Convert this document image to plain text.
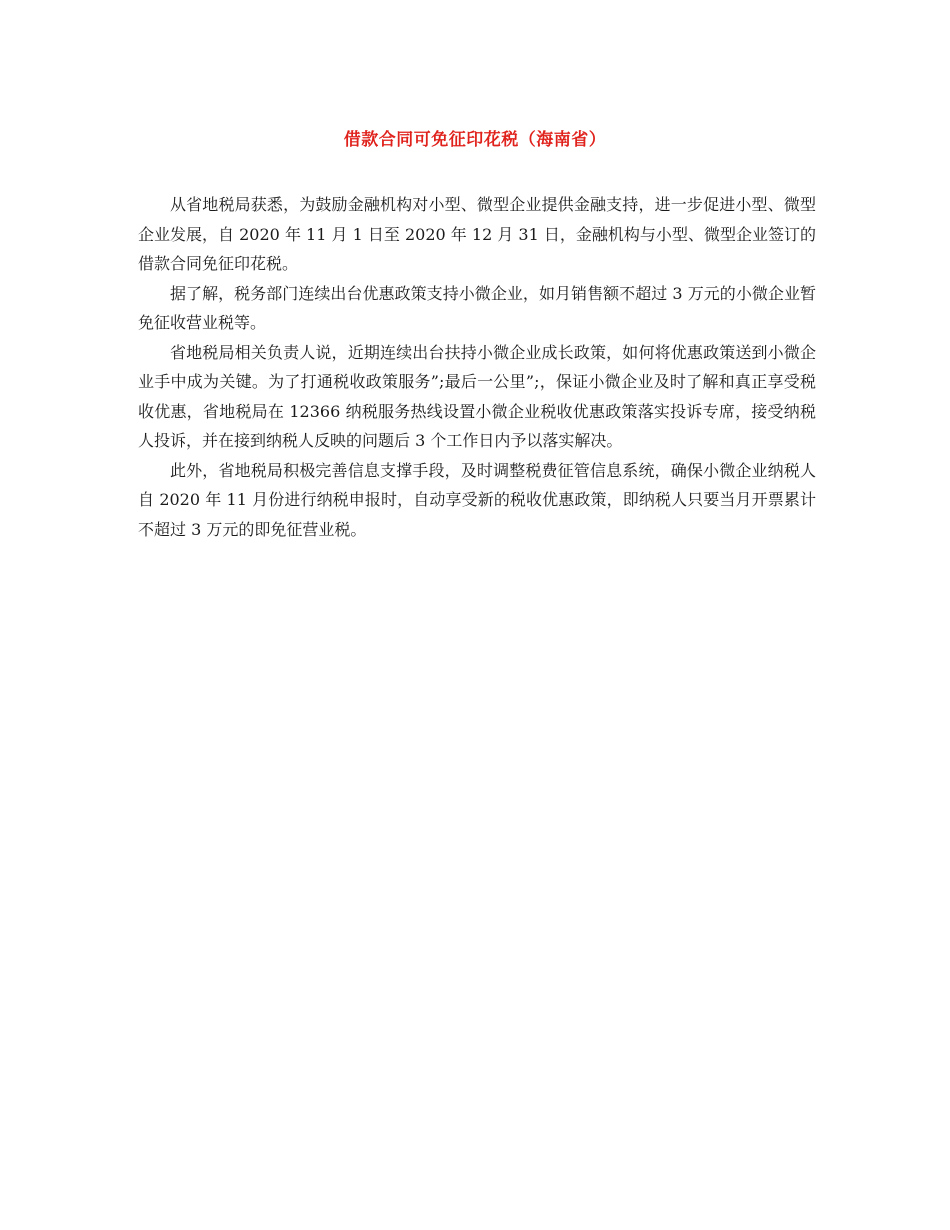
借款合同可免征印花税（海南省）

从省地税局获悉，为鼓励金融机构对小型、微型企业提供金融支持，进一步促进小型、微型企业发展，自 2020 年 11 月 1 日至 2020 年 12 月 31 日，金融机构与小型、微型企业签订的借款合同免征印花税。

据了解，税务部门连续出台优惠政策支持小微企业，如月销售额不超过 3 万元的小微企业暂免征收营业税等。

省地税局相关负责人说，近期连续出台扶持小微企业成长政策，如何将优惠政策送到小微企业手中成为关键。为了打通税收政策服务”;最后一公里”;，保证小微企业及时了解和真正享受税收优惠，省地税局在 12366 纳税服务热线设置小微企业税收优惠政策落实投诉专席，接受纳税人投诉，并在接到纳税人反映的问题后 3 个工作日内予以落实解决。

此外，省地税局积极完善信息支撑手段，及时调整税费征管信息系统，确保小微企业纳税人自 2020 年 11 月份进行纳税申报时，自动享受新的税收优惠政策，即纳税人只要当月开票累计不超过 3 万元的即免征营业税。
